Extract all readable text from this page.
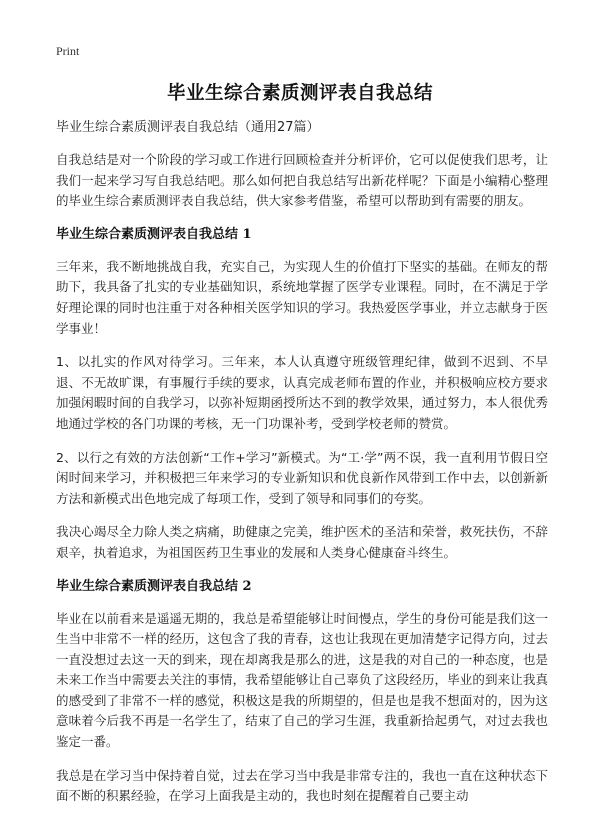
Print
毕业生综合素质测评表自我总结

毕业生综合素质测评表自我总结（通用27篇）

自我总结是对一个阶段的学习或工作进行回顾检查并分析评价，它可以促使我们思考，让我们一起来学习写自我总结吧。那么如何把自我总结写出新花样呢？下面是小编精心整理的毕业生综合素质测评表自我总结，供大家参考借鉴，希望可以帮助到有需要的朋友。

毕业生综合素质测评表自我总结 1

三年来，我不断地挑战自我，充实自己，为实现人生的价值打下坚实的基础。在师友的帮助下，我具备了扎实的专业基础知识，系统地掌握了医学专业课程。同时，在不满足于学好理论课的同时也注重于对各种相关医学知识的学习。我热爱医学事业，并立志献身于医学事业！

1、以扎实的作风对待学习。三年来，本人认真遵守班级管理纪律，做到不迟到、不早退、不无故旷课，有事履行手续的要求，认真完成老师布置的作业，并积极响应校方要求加强闲暇时间的自我学习，以弥补短期函授所达不到的教学效果，通过努力，本人很优秀地通过学校的各门功课的考核，无一门功课补考，受到学校老师的赞赏。

2、以行之有效的方法创新“工作+学习”新模式。为“工·学”两不误，我一直利用节假日空闲时间来学习，并积极把三年来学习的专业新知识和优良新作风带到工作中去，以创新新方法和新模式出色地完成了每项工作，受到了领导和同事们的夸奖。

我决心竭尽全力除人类之病痛，助健康之完美，维护医术的圣洁和荣誉，救死扶伤，不辞艰辛，执着追求，为祖国医药卫生事业的发展和人类身心健康奋斗终生。

毕业生综合素质测评表自我总结 2

毕业在以前看来是遥遥无期的，我总是希望能够让时间慢点，学生的身份可能是我们这一生当中非常不一样的经历，这包含了我的青春，这也让我现在更加清楚字记得方向，过去一直没想过去这一天的到来，现在却离我是那么的进，这是我的对自己的一种态度，也是未来工作当中需要去关注的事情，我希望能够让自己辜负了这段经历，毕业的到来让我真的感受到了非常不一样的感觉，积极这是我的所期望的，但是也是我不想面对的，因为这意味着今后我不再是一名学生了，结束了自己的学习生涯，我重新拾起勇气，对过去我也鉴定一番。

我总是在学习当中保持着自觉，过去在学习当中我是非常专注的，我也一直在这种状态下面不断的积累经验，在学习上面我是主动的，我也时刻在提醒着自己要主动
